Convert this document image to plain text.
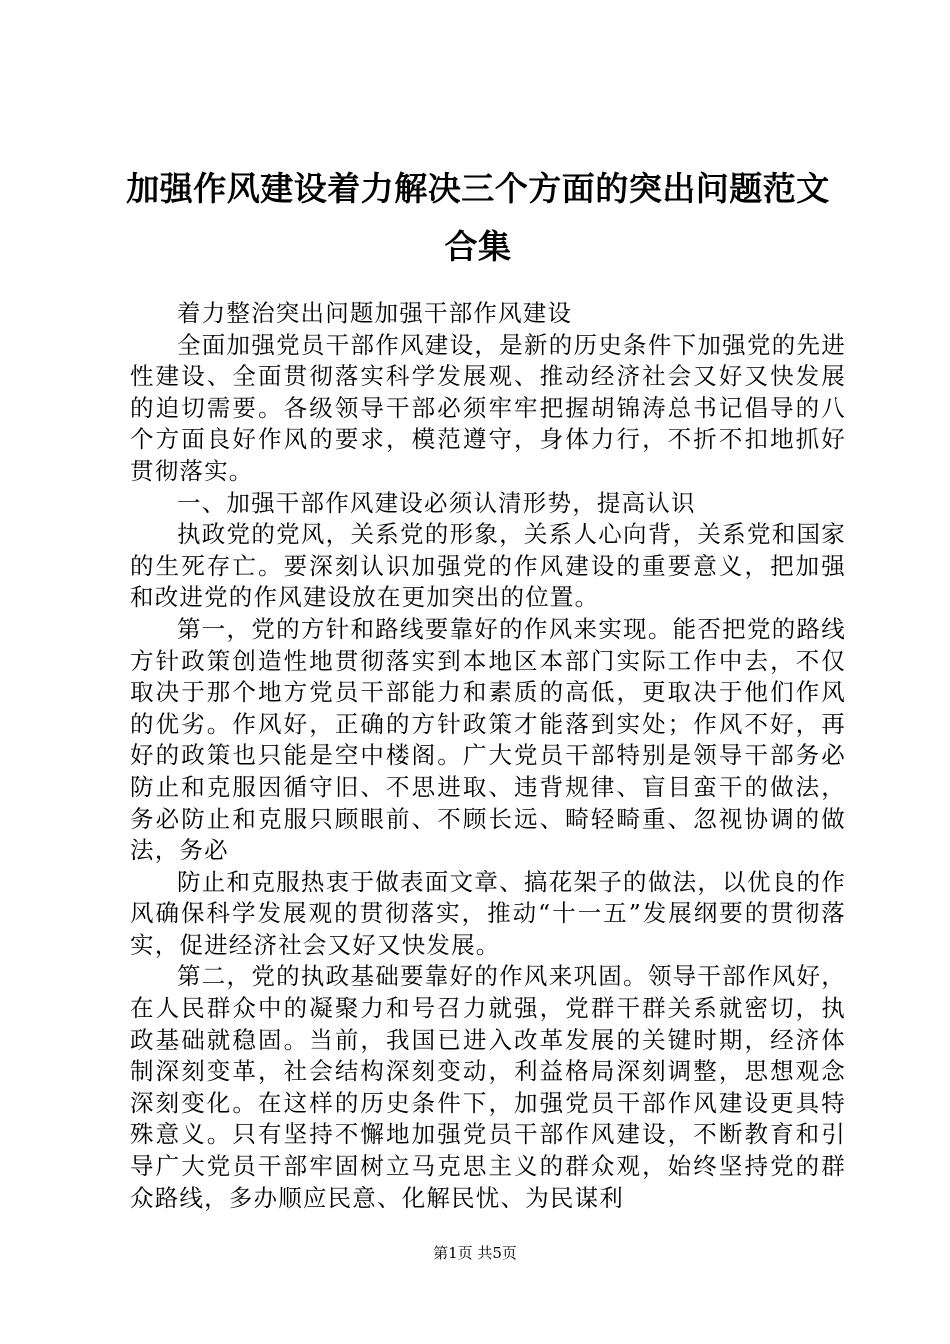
加强作风建设着力解决三个方面的突出问题范文合集

着力整治突出问题加强干部作风建设

全面加强党员干部作风建设，是新的历史条件下加强党的先进性建设、全面贯彻落实科学发展观、推动经济社会又好又快发展的迫切需要。各级领导干部必须牢牢把握胡锦涛总书记倡导的八个方面良好作风的要求，模范遵守，身体力行，不折不扣地抓好贯彻落实。

一、加强干部作风建设必须认清形势，提高认识

执政党的党风，关系党的形象，关系人心向背，关系党和国家的生死存亡。要深刻认识加强党的作风建设的重要意义，把加强和改进党的作风建设放在更加突出的位置。

第一，党的方针和路线要靠好的作风来实现。能否把党的路线方针政策创造性地贯彻落实到本地区本部门实际工作中去，不仅取决于那个地方党员干部能力和素质的高低，更取决于他们作风的优劣。作风好，正确的方针政策才能落到实处；作风不好，再好的政策也只能是空中楼阁。广大党员干部特别是领导干部务必防止和克服因循守旧、不思进取、违背规律、盲目蛮干的做法，务必防止和克服只顾眼前、不顾长远、畸轻畸重、忽视协调的做法，务必

防止和克服热衷于做表面文章、搞花架子的做法，以优良的作风确保科学发展观的贯彻落实，推动“十一五”发展纲要的贯彻落实，促进经济社会又好又快发展。

第二，党的执政基础要靠好的作风来巩固。领导干部作风好，在人民群众中的凝聚力和号召力就强，党群干群关系就密切，执政基础就稳固。当前，我国已进入改革发展的关键时期，经济体制深刻变革，社会结构深刻变动，利益格局深刻调整，思想观念深刻变化。在这样的历史条件下，加强党员干部作风建设更具特殊意义。只有坚持不懈地加强党员干部作风建设，不断教育和引导广大党员干部牢固树立马克思主义的群众观，始终坚持党的群众路线，多办顺应民意、化解民忧、为民谋利

第1页 共5页
